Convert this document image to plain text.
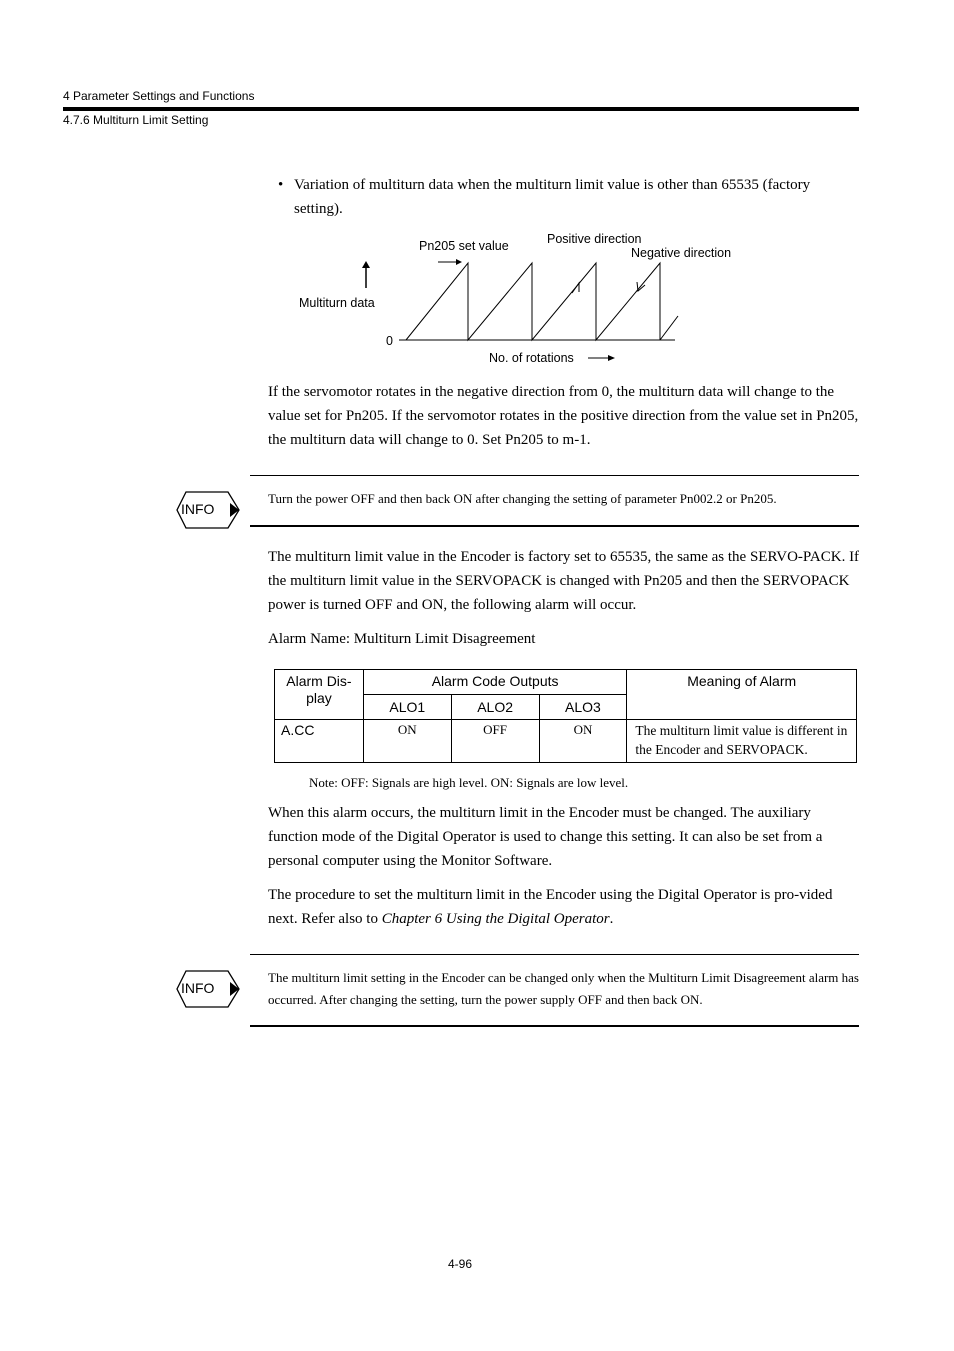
4 Parameter Settings and Functions
4.7.6 Multiturn Limit Setting
• Variation of multiturn data when the multiturn limit value is other than 65535 (factory setting).
Pn205 set value	Positive direction
Negative direction
Multiturn data
0
No. of rotations
If the servomotor rotates in the negative direction from 0, the multiturn data will change to the value set for Pn205. If the servomotor rotates in the positive direction from the value set in Pn205, the multiturn data will change to 0. Set Pn205 to m-1.
INFO
Turn the power OFF and then back ON after changing the setting of parameter Pn002.2 or Pn205.
The multiturn limit value in the Encoder is factory set to 65535, the same as the SERVO-PACK. If the multiturn limit value in the SERVOPACK is changed with Pn205 and then the SERVOPACK power is turned OFF and ON, the following alarm will occur.
Alarm Name: Multiturn Limit Disagreement
Alarm Dis-play	Alarm Code Outputs			Meaning of Alarm
	ALO1	ALO2	ALO3	
A.CC	ON	OFF	ON	The multiturn limit value is different in the Encoder and SERVOPACK.
Note: OFF: Signals are high level. ON: Signals are low level.
When this alarm occurs, the multiturn limit in the Encoder must be changed. The auxiliary function mode of the Digital Operator is used to change this setting. It can also be set from a personal computer using the Monitor Software.
The procedure to set the multiturn limit in the Encoder using the Digital Operator is pro-vided next. Refer also to Chapter 6 Using the Digital Operator.
INFO
The multiturn limit setting in the Encoder can be changed only when the Multiturn Limit Disagreement alarm has occurred. After changing the setting, turn the power supply OFF and then back ON.
4-96
